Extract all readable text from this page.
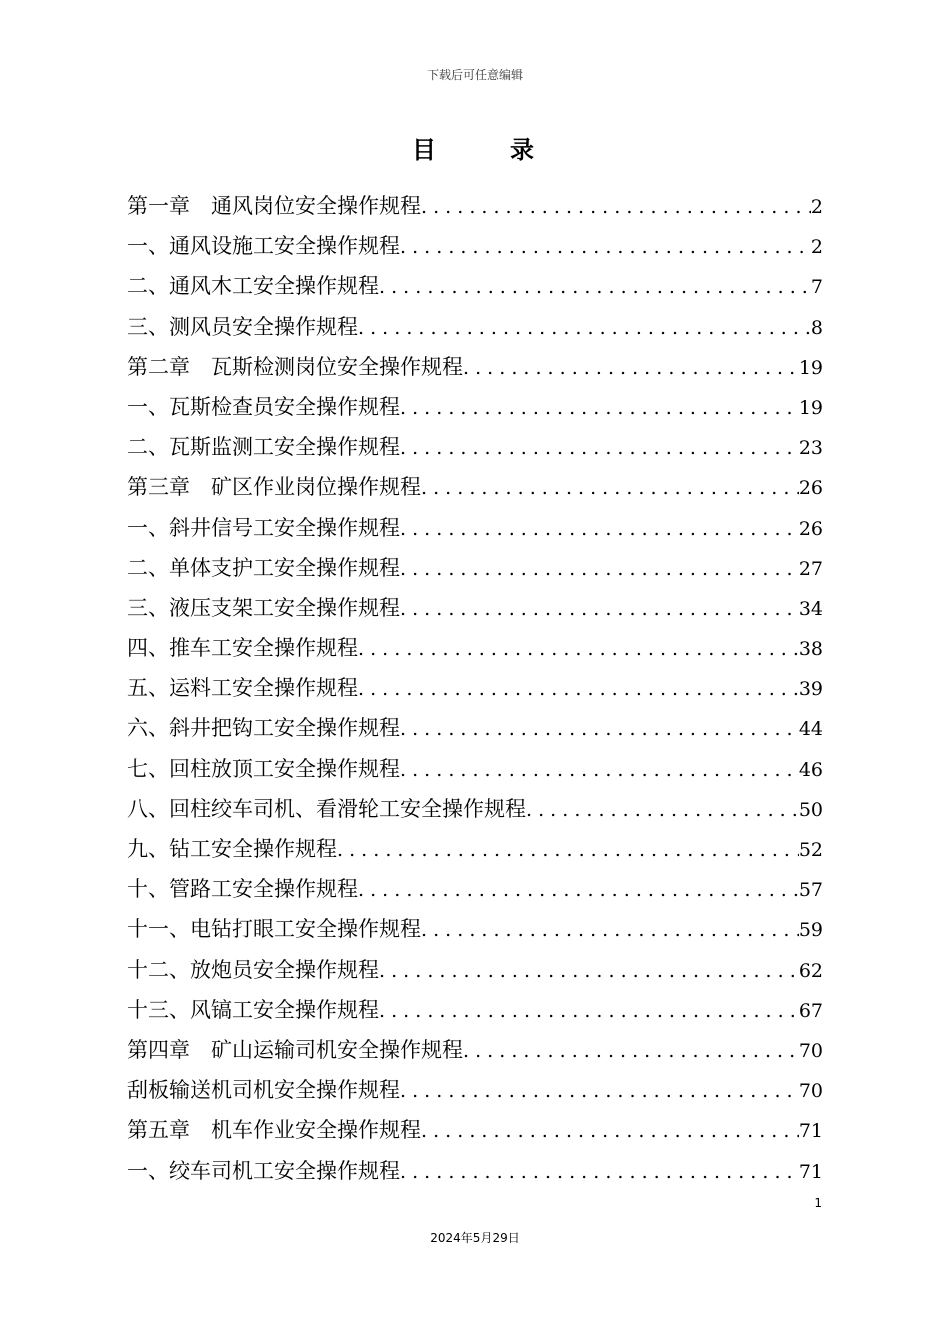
下载后可任意编辑
目	录
第一章　通风岗位安全操作规程 . . .	2
一、通风设施工安全操作规程 . . .	2
二、通风木工安全操作规程 . . .	7
三、测风员安全操作规程 . . .	8
第二章　瓦斯检测岗位安全操作规程 . . .	19
一、瓦斯检查员安全操作规程 . . .	19
二、瓦斯监测工安全操作规程 . . .	23
第三章　矿区作业岗位操作规程 . . .	26
一、斜井信号工安全操作规程 . . .	26
二、单体支护工安全操作规程 . . .	27
三、液压支架工安全操作规程 . . .	34
四、推车工安全操作规程 . . .	38
五、运料工安全操作规程 . . .	39
六、斜井把钩工安全操作规程 . . .	44
七、回柱放顶工安全操作规程 . . .	46
八、回柱绞车司机、看滑轮工安全操作规程 . . .	50
九、钻工安全操作规程 . . .	52
十、管路工安全操作规程 . . .	57
十一、电钻打眼工安全操作规程 . . .	59
十二、放炮员安全操作规程 . . .	62
十三、风镐工安全操作规程 . . .	67
第四章　矿山运输司机安全操作规程 . . .	70
刮板输送机司机安全操作规程 . . .	70
第五章　机车作业安全操作规程 . . .	71
一、绞车司机工安全操作规程 . . .	71
1
2024年5月29日
